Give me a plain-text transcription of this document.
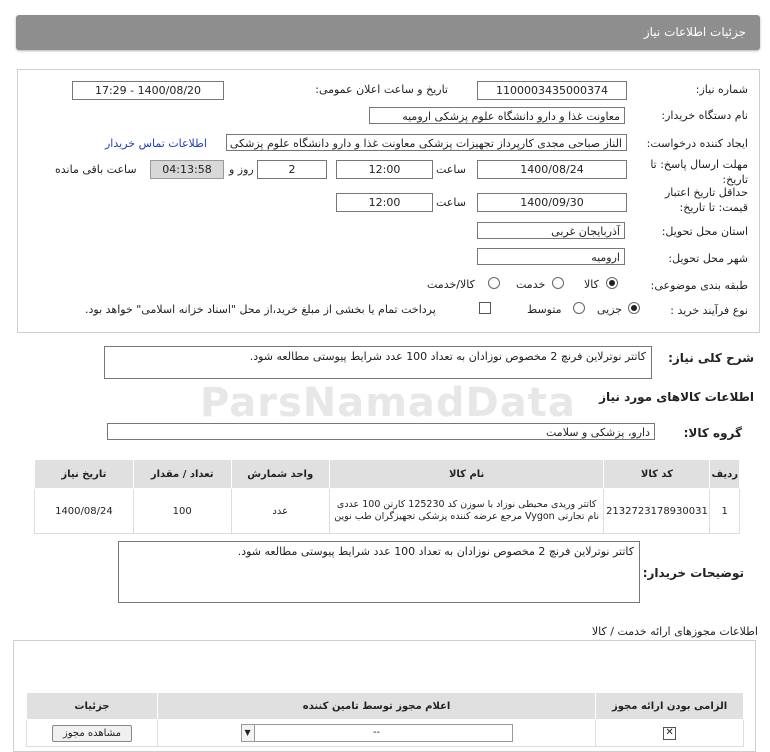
جزئیات اطلاعات نیاز
شماره نیاز:
1100003435000374
تاریخ و ساعت اعلان عمومی:
1400/08/20 - 17:29
نام دستگاه خریدار:
معاونت غذا و دارو دانشگاه علوم پزشکی ارومیه
ایجاد کننده درخواست:
الناز صباحی مجدی کارپرداز تجهیزات پزشکی معاونت غذا و دارو دانشگاه علوم پزشکی
اطلاعات تماس خریدار
مهلت ارسال پاسخ: تا تاریخ:
1400/08/24
ساعت
12:00
2
روز و
04:13:58
ساعت باقی مانده
حداقل تاریخ اعتبار قیمت: تا تاریخ:
1400/09/30
ساعت
12:00
استان محل تحویل:
آذربایجان غربی
شهر محل تحویل:
ارومیه
طبقه بندی موضوعی:
کالا
خدمت
کالا/خدمت
نوع فرآیند خرید :
جزیی
متوسط
پرداخت تمام یا بخشی از مبلغ خرید،از محل "اسناد خزانه اسلامی" خواهد بود.
شرح کلی نیاز:
کاتتر نوترلاین فرنچ 2 مخصوص نوزادان به تعداد 100 عدد شرایط پیوستی مطالعه شود.
اطلاعات کالاهای مورد نیاز
گروه کالا:
دارو، پزشکی و سلامت
ParsNamadData
ردیف	کد کالا	نام کالا	واحد شمارش	تعداد / مقدار	تاریخ نیاز
1	2132723178930031	کاتتر وریدی محیطی نوزاد با سوزن کد 125230 کارتن 100 عددی نام تجارتی Vygon مرجع عرضه کننده پزشکی تجهیزگران طب نوین	عدد	100	1400/08/24
توضیحات خریدار:
کاتتر نوترلاین فرنچ 2 مخصوص نوزادان به تعداد 100 عدد شرایط پیوستی مطالعه شود.
اطلاعات مجوزهای ارائه خدمت / کالا
الزامی بودن ارائه مجوز	اعلام مجوز توسط تامین کننده	جزئیات
✕	▼ --	مشاهده مجوز
